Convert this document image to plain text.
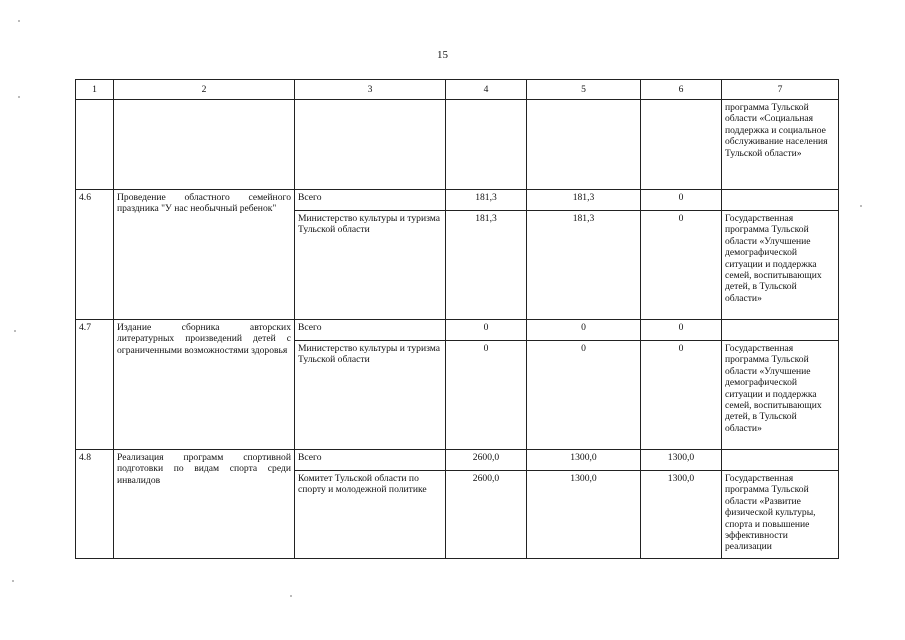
15
1	2	3	4	5	6	7
						программа Тульской области «Социальная поддержка и социальное обслуживание населения Тульской области»
4.6	Проведение областного семейного праздника "У нас необычный ребенок"	Всего	181,3	181,3	0	
		Министерство культуры и туризма Тульской области	181,3	181,3	0	Государственная программа Тульской области «Улучшение демографической ситуации и поддержка семей, воспитывающих детей, в Тульской области»
4.7	Издание сборника авторских литературных произведений детей с ограниченными возможностями здоровья	Всего	0	0	0	
		Министерство культуры и туризма Тульской области	0	0	0	Государственная программа Тульской области «Улучшение демографической ситуации и поддержка семей, воспитывающих детей, в Тульской области»
4.8	Реализация программ спортивной подготовки по видам спорта среди инвалидов	Всего	2600,0	1300,0	1300,0	
		Комитет Тульской области по спорту и молодежной политике	2600,0	1300,0	1300,0	Государственная программа Тульской области «Развитие физической культуры, спорта и повышение эффективности реализации
